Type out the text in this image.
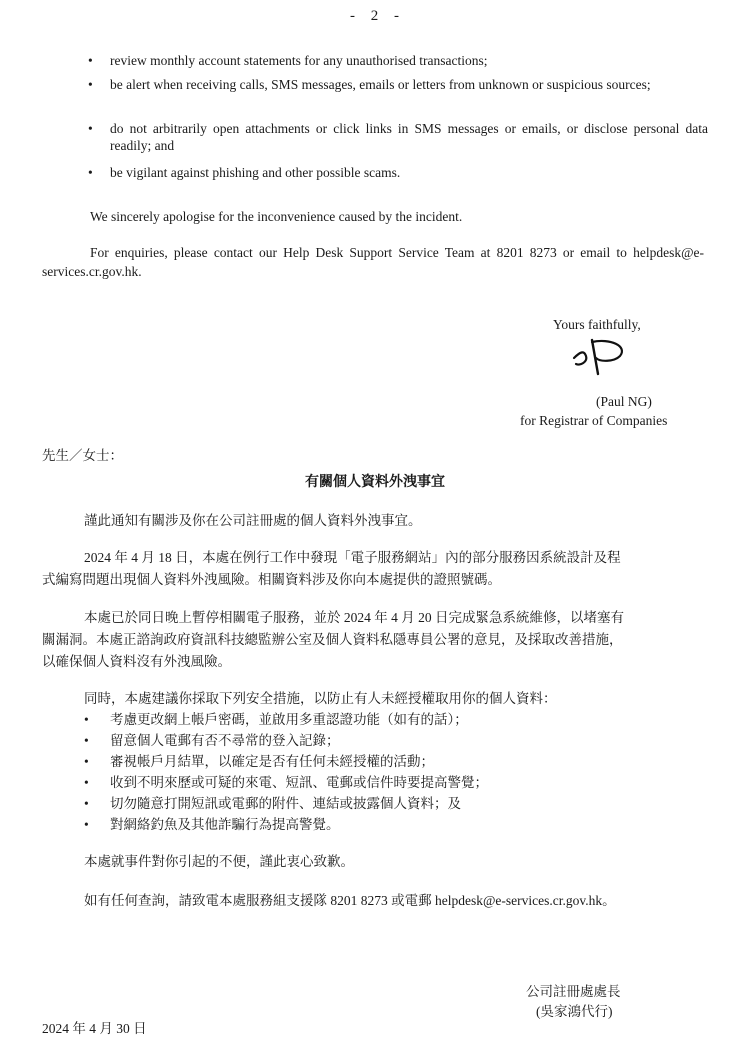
- 2 -
• review monthly account statements for any unauthorised transactions;
• be alert when receiving calls, SMS messages, emails or letters from unknown or suspicious sources;
• do not arbitrarily open attachments or click links in SMS messages or emails, or disclose personal data readily; and
• be vigilant against phishing and other possible scams.
We sincerely apologise for the inconvenience caused by the incident.
For enquiries, please contact our Help Desk Support Service Team at 8201 8273 or email to helpdesk@e-services.cr.gov.hk.
Yours faithfully,
(Paul NG)
for Registrar of Companies
先生／女士：
有關個人資料外洩事宜
謹此通知有關涉及你在公司註冊處的個人資料外洩事宜。
2024 年 4 月 18 日，本處在例行工作中發現「電子服務網站」內的部分服務因系統設計及程
式編寫問題出現個人資料外洩風險。相關資料涉及你向本處提供的證照號碼。
本處已於同日晚上暫停相關電子服務，並於 2024 年 4 月 20 日完成緊急系統維修，以堵塞有
關漏洞。本處正諮詢政府資訊科技總監辦公室及個人資料私隱專員公署的意見，及採取改善措施，
以確保個人資料沒有外洩風險。
同時，本處建議你採取下列安全措施，以防止有人未經授權取用你的個人資料：
• 考慮更改網上帳戶密碼，並啟用多重認證功能（如有的話）；
• 留意個人電郵有否不尋常的登入記錄；
• 審視帳戶月結單，以確定是否有任何未經授權的活動；
• 收到不明來歷或可疑的來電、短訊、電郵或信件時要提高警覺；
• 切勿隨意打開短訊或電郵的附件、連結或披露個人資料；及
• 對網絡釣魚及其他詐騙行為提高警覺。
本處就事件對你引起的不便，謹此衷心致歉。
如有任何查詢，請致電本處服務組支援隊 8201 8273 或電郵 helpdesk@e-services.cr.gov.hk。
公司註冊處處長
(吳家鴻代行)
2024 年 4 月 30 日
